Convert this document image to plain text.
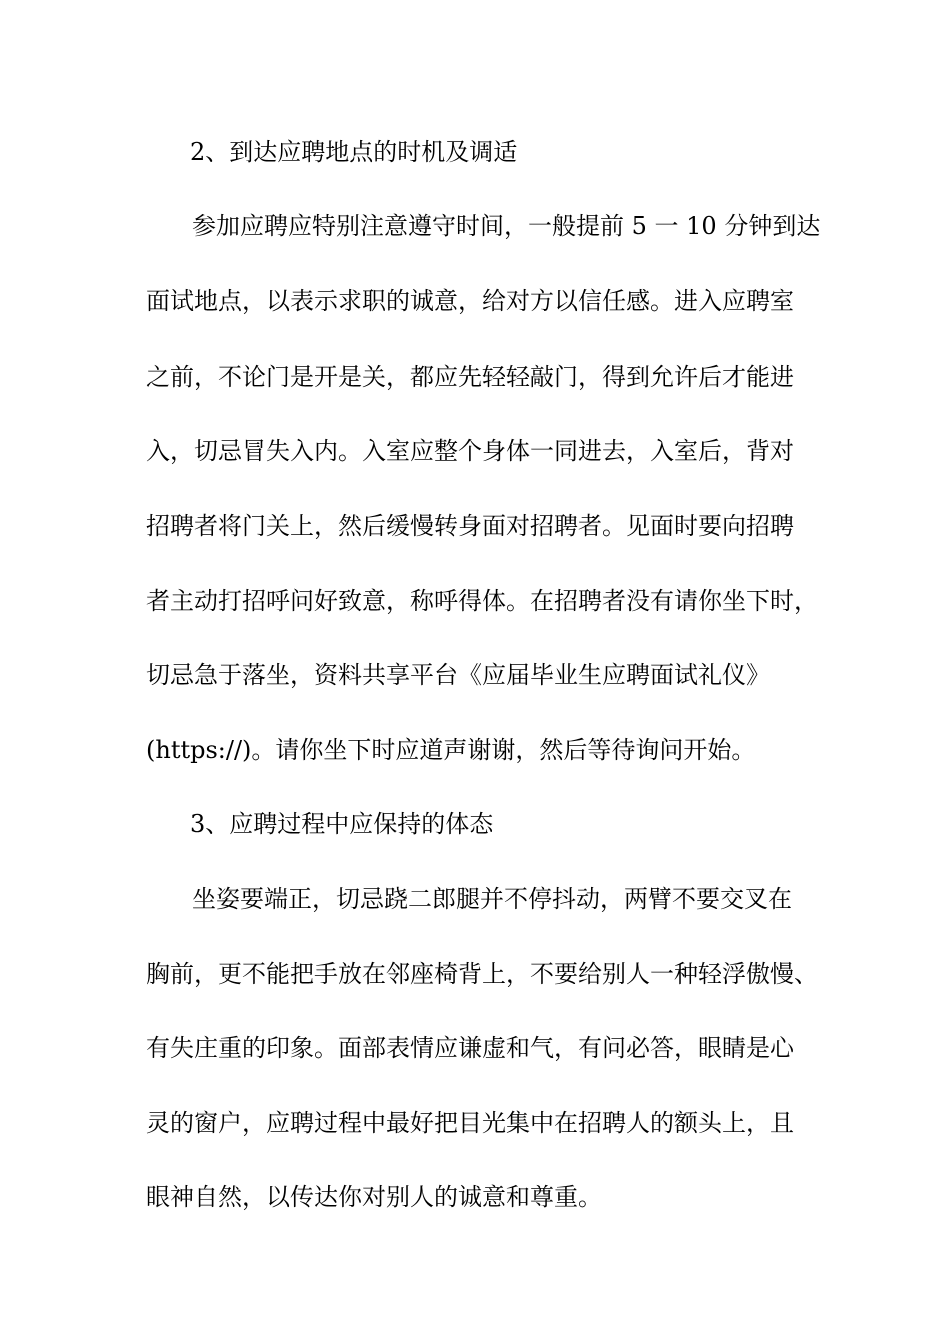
2、到达应聘地点的时机及调适
参加应聘应特别注意遵守时间，一般提前 5 一 10 分钟到达
面试地点，以表示求职的诚意，给对方以信任感。进入应聘室
之前，不论门是开是关，都应先轻轻敲门，得到允许后才能进
入，切忌冒失入内。入室应整个身体一同进去，入室后，背对
招聘者将门关上，然后缓慢转身面对招聘者。见面时要向招聘
者主动打招呼问好致意，称呼得体。在招聘者没有请你坐下时，
切忌急于落坐，资料共享平台《应届毕业生应聘面试礼仪》
(https://)。请你坐下时应道声谢谢，然后等待询问开始。
3、应聘过程中应保持的体态
坐姿要端正，切忌跷二郎腿并不停抖动，两臂不要交叉在
胸前，更不能把手放在邻座椅背上，不要给别人一种轻浮傲慢、
有失庄重的印象。面部表情应谦虚和气，有问必答，眼睛是心
灵的窗户，应聘过程中最好把目光集中在招聘人的额头上，且
眼神自然，以传达你对别人的诚意和尊重。
